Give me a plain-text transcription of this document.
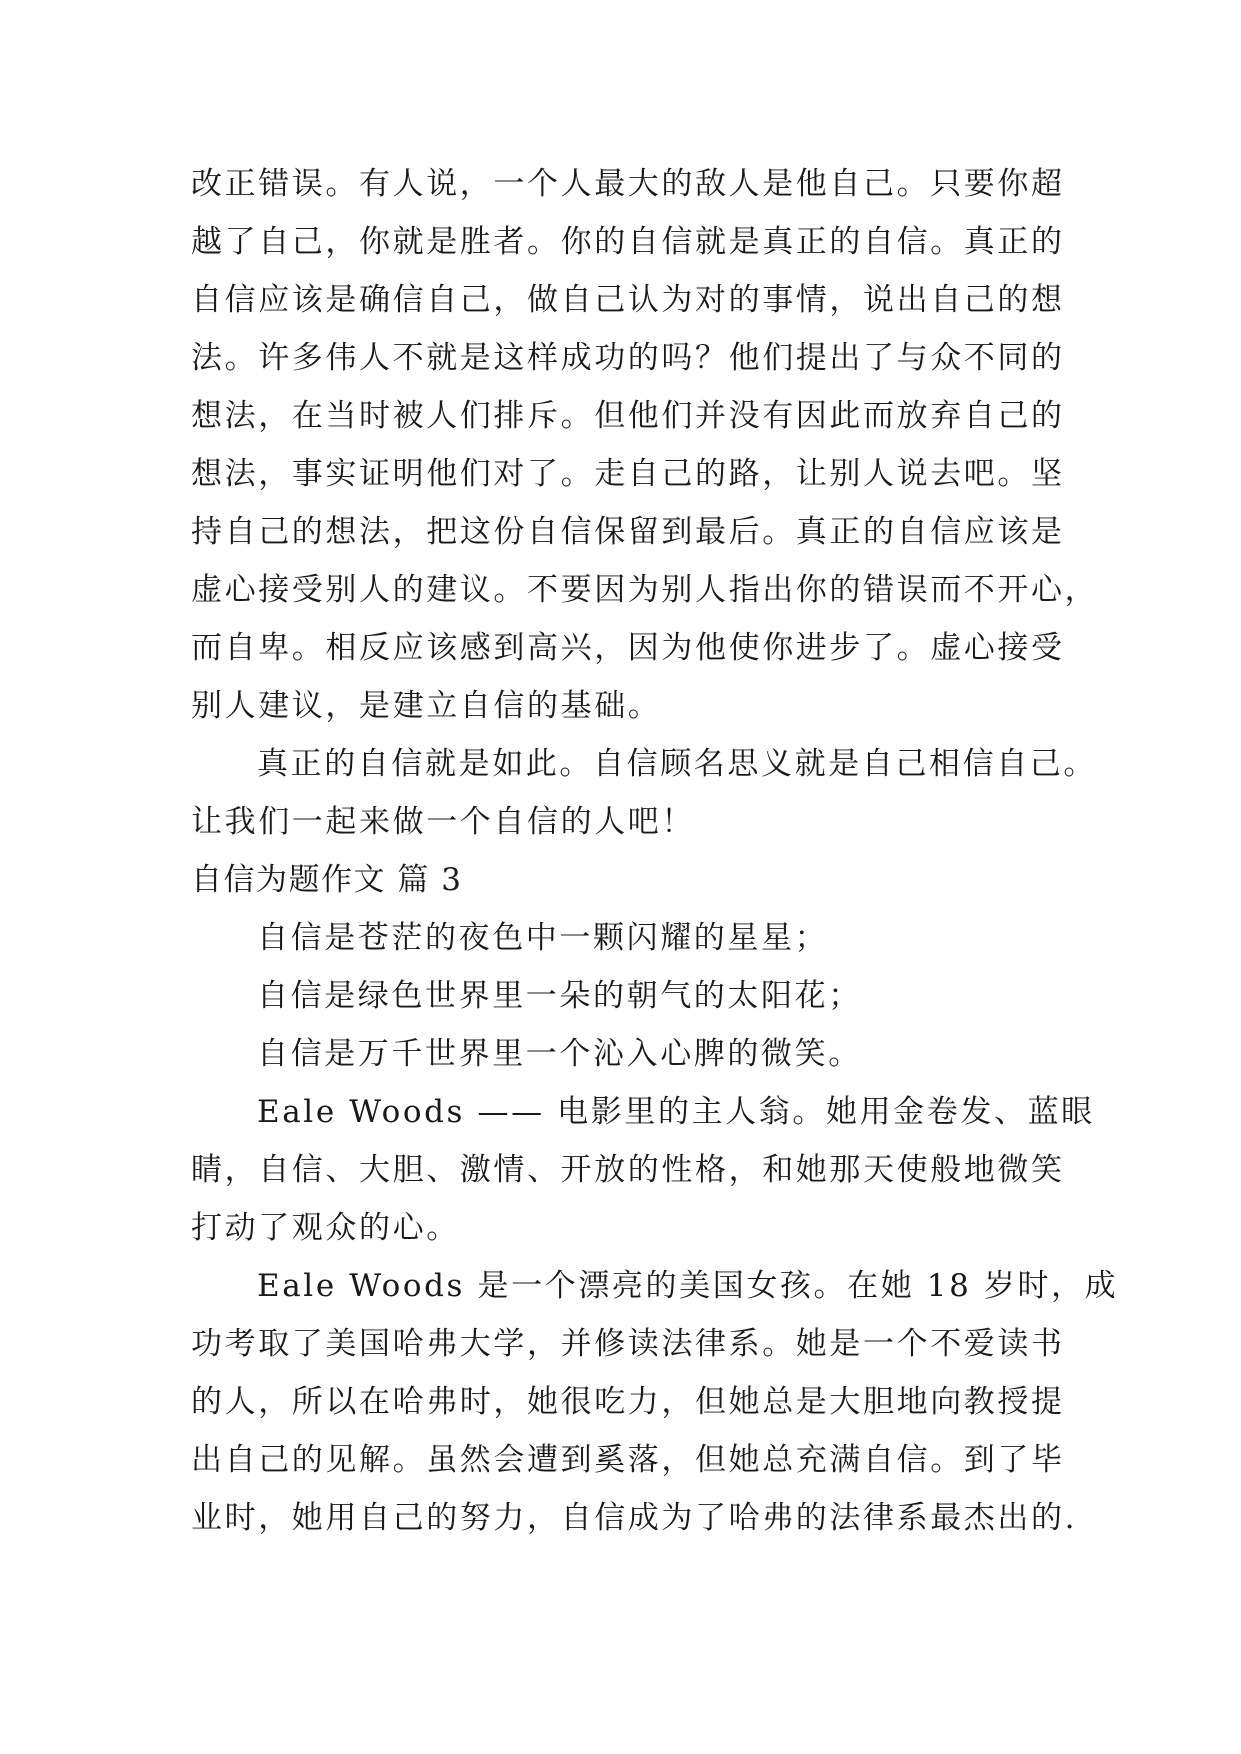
改正错误。有人说，一个人最大的敌人是他自己。只要你超
越了自己，你就是胜者。你的自信就是真正的自信。真正的
自信应该是确信自己，做自己认为对的事情，说出自己的想
法。许多伟人不就是这样成功的吗？他们提出了与众不同的
想法，在当时被人们排斥。但他们并没有因此而放弃自己的
想法，事实证明他们对了。走自己的路，让别人说去吧。坚
持自己的想法，把这份自信保留到最后。真正的自信应该是
虚心接受别人的建议。不要因为别人指出你的错误而不开心，
而自卑。相反应该感到高兴，因为他使你进步了。虚心接受
别人建议，是建立自信的基础。
真正的自信就是如此。自信顾名思义就是自己相信自己。
让我们一起来做一个自信的人吧！
自信为题作文 篇 3
自信是苍茫的夜色中一颗闪耀的星星；
自信是绿色世界里一朵的朝气的太阳花；
自信是万千世界里一个沁入心脾的微笑。
Eale Woods —— 电影里的主人翁。她用金卷发、蓝眼
睛，自信、大胆、激情、开放的性格，和她那天使般地微笑
打动了观众的心。
Eale Woods 是一个漂亮的美国女孩。在她 18 岁时，成
功考取了美国哈弗大学，并修读法律系。她是一个不爱读书
的人，所以在哈弗时，她很吃力，但她总是大胆地向教授提
出自己的见解。虽然会遭到奚落，但她总充满自信。到了毕
业时，她用自己的努力，自信成为了哈弗的法律系最杰出的.
